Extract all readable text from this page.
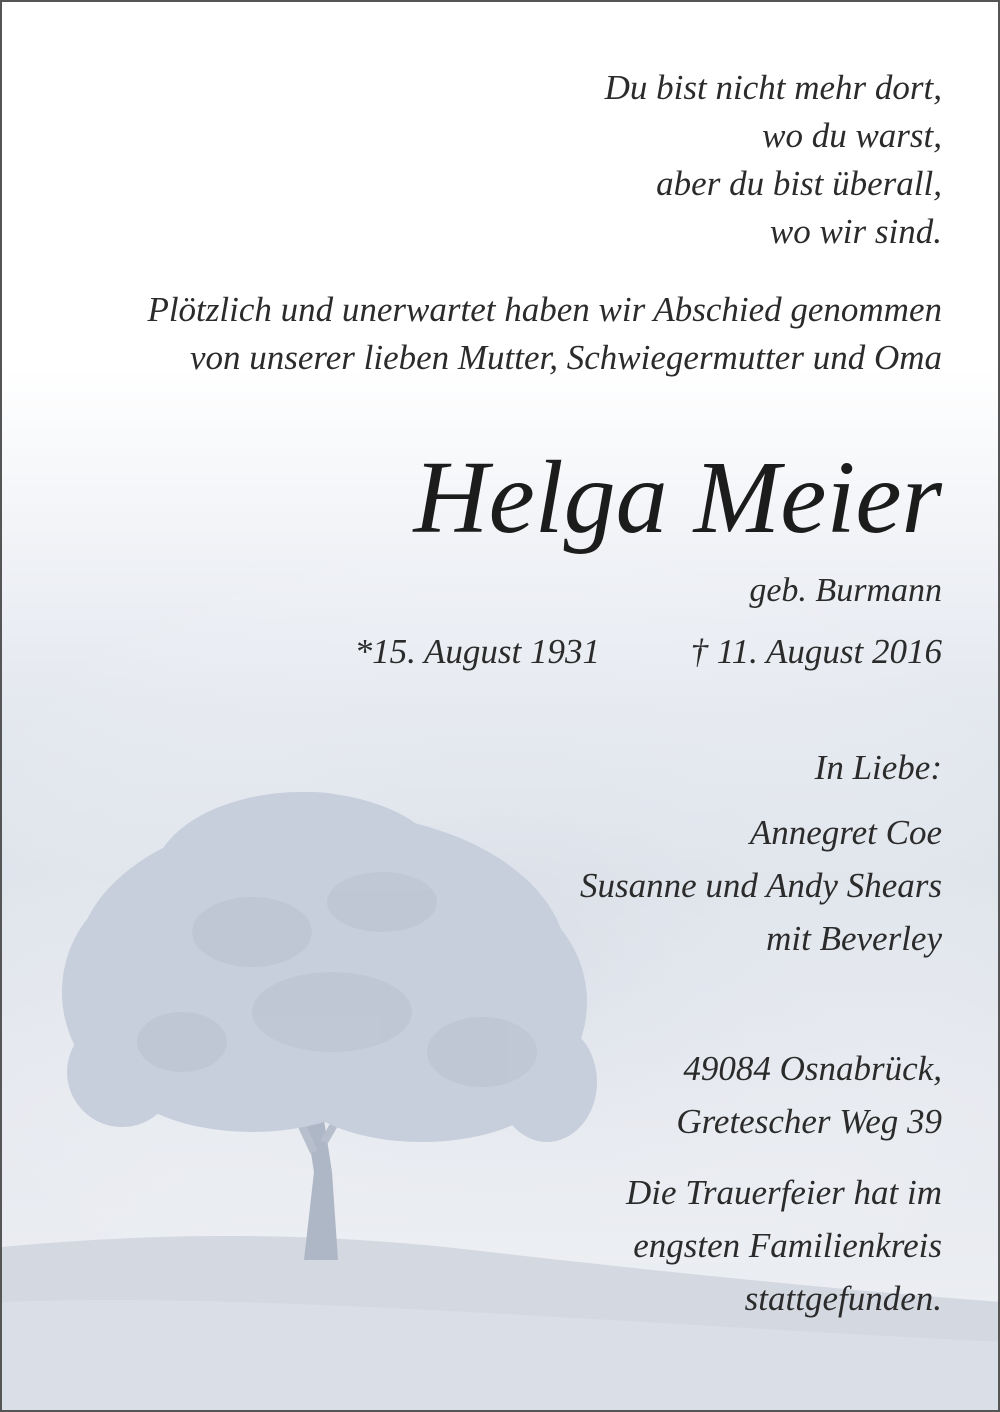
Du bist nicht mehr dort,
wo du warst,
aber du bist überall,
wo wir sind.
Plötzlich und unerwartet haben wir Abschied genommen
von unserer lieben Mutter, Schwiegermutter und Oma
Helga Meier
geb. Burmann
*15. August 1931	† 11. August 2016
In Liebe:
Annegret Coe
Susanne und Andy Shears
mit Beverley
49084 Osnabrück,
Gretescher Weg 39
Die Trauerfeier hat im
engsten Familienkreis
stattgefunden.
